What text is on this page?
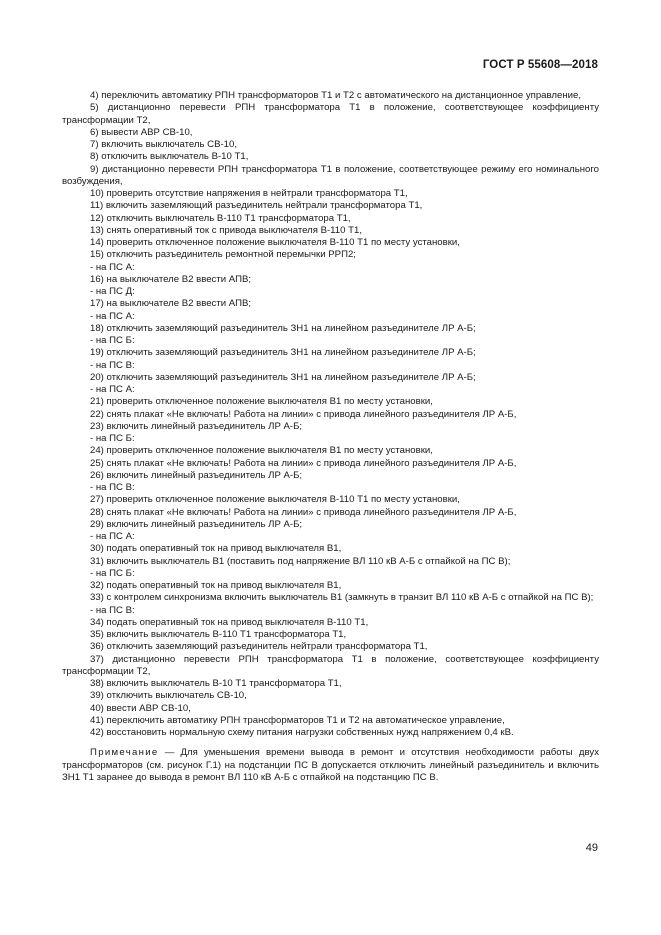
ГОСТ Р 55608—2018

4) переключить автоматику РПН трансформаторов Т1 и Т2 с автоматического на дистанционное управление,

5) дистанционно перевести РПН трансформатора Т1 в положение, соответствующее коэффициенту трансформации Т2,

6) вывести АВР СВ-10,

7) включить выключатель СВ-10,

8) отключить выключатель В-10 Т1,

9) дистанционно перевести РПН трансформатора Т1 в положение, соответствующее режиму его номинального возбуждения,

10) проверить отсутствие напряжения в нейтрали трансформатора Т1,

11) включить заземляющий разъединитель нейтрали трансформатора Т1,

12) отключить выключатель В-110 Т1 трансформатора Т1,

13) снять оперативный ток с привода выключателя В-110 Т1,

14) проверить отключенное положение выключателя В-110 Т1 по месту установки,

15) отключить разъединитель ремонтной перемычки РРП2;

- на ПС А:

16) на выключателе В2 ввести АПВ;

- на ПС Д:

17) на выключателе В2 ввести АПВ;

- на ПС А:

18) отключить заземляющий разъединитель ЗН1 на линейном разъединителе ЛР А-Б;

- на ПС Б:

19) отключить заземляющий разъединитель ЗН1 на линейном разъединителе ЛР А-Б;

- на ПС В:

20) отключить заземляющий разъединитель ЗН1 на линейном разъединителе ЛР А-Б;

- на ПС А:

21) проверить отключенное положение выключателя В1 по месту установки,

22) снять плакат «Не включать! Работа на линии» с привода линейного разъединителя ЛР А-Б,

23) включить линейный разъединитель ЛР А-Б;

- на ПС Б:

24) проверить отключенное положение выключателя В1 по месту установки,

25) снять плакат «Не включать! Работа на линии» с привода линейного разъединителя ЛР А-Б,

26) включить линейный разъединитель ЛР А-Б;

- на ПС В:

27) проверить отключенное положение выключателя В-110 Т1 по месту установки,

28) снять плакат «Не включать! Работа на линии» с привода линейного разъединителя ЛР А-Б,

29) включить линейный разъединитель ЛР А-Б;

- на ПС А:

30) подать оперативный ток на привод выключателя В1,

31) включить выключатель В1 (поставить под напряжение ВЛ 110 кВ А-Б с отпайкой на ПС В);

- на ПС Б:

32) подать оперативный ток на привод выключателя В1,

33) с контролем синхронизма включить выключатель В1 (замкнуть в транзит ВЛ 110 кВ А-Б с отпайкой на ПС В);

- на ПС В:

34) подать оперативный ток на привод выключателя В-110 Т1,

35) включить выключатель В-110 Т1 трансформатора Т1,

36) отключить заземляющий разъединитель нейтрали трансформатора Т1,

37) дистанционно перевести РПН трансформатора Т1 в положение, соответствующее коэффициенту трансформации Т2,

38) включить выключатель В-10 Т1 трансформатора Т1,

39) отключить выключатель СВ-10,

40) ввести АВР СВ-10,

41) переключить автоматику РПН трансформаторов Т1 и Т2 на автоматическое управление,

42) восстановить нормальную схему питания нагрузки собственных нужд напряжением 0,4 кВ.

Примечание — Для уменьшения времени вывода в ремонт и отсутствия необходимости работы двух трансформаторов (см. рисунок Г.1) на подстанции ПС В допускается отключить линейный разъединитель и включить ЗН1 Т1 заранее до вывода в ремонт ВЛ 110 кВ А-Б с отпайкой на подстанцию ПС В.

49
